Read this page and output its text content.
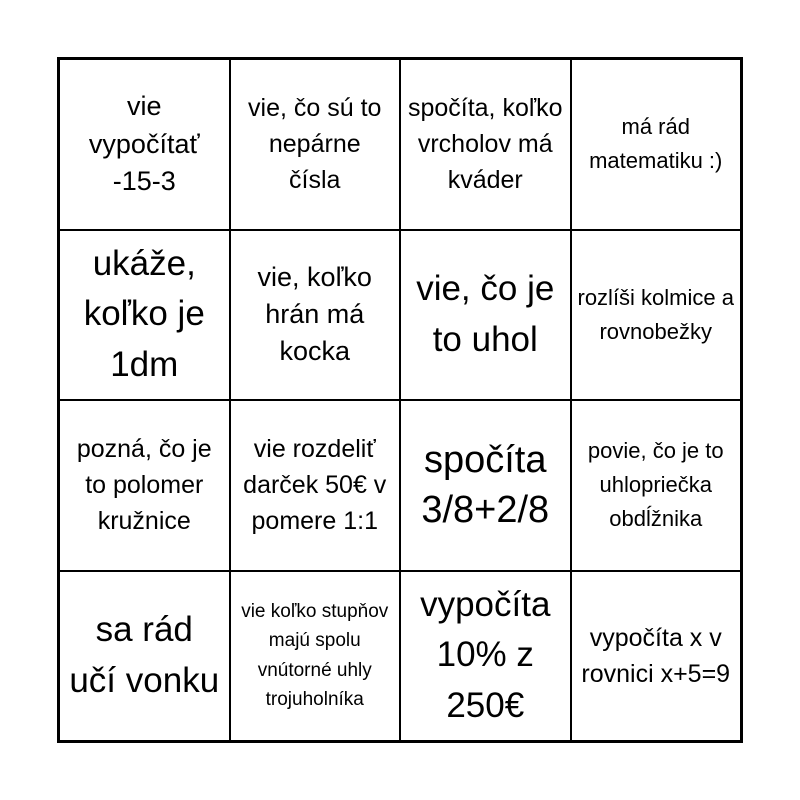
vie vypočítať -15-3
vie, čo sú to nepárne čísla
spočíta, koľko vrcholov má kváder
má rád matematiku :)
ukáže, koľko je 1dm
vie, koľko hrán má kocka
vie, čo je to uhol
rozlíši kolmice a rovnobežky
pozná, čo je to polomer kružnice
vie rozdeliť darček 50€ v pomere 1:1
spočíta 3/8+2/8
povie, čo je to uhlopriečka obdĺžnika
sa rád učí vonku
vie koľko stupňov majú spolu vnútorné uhly trojuholníka
vypočíta 10% z 250€
vypočíta x v rovnici x+5=9
